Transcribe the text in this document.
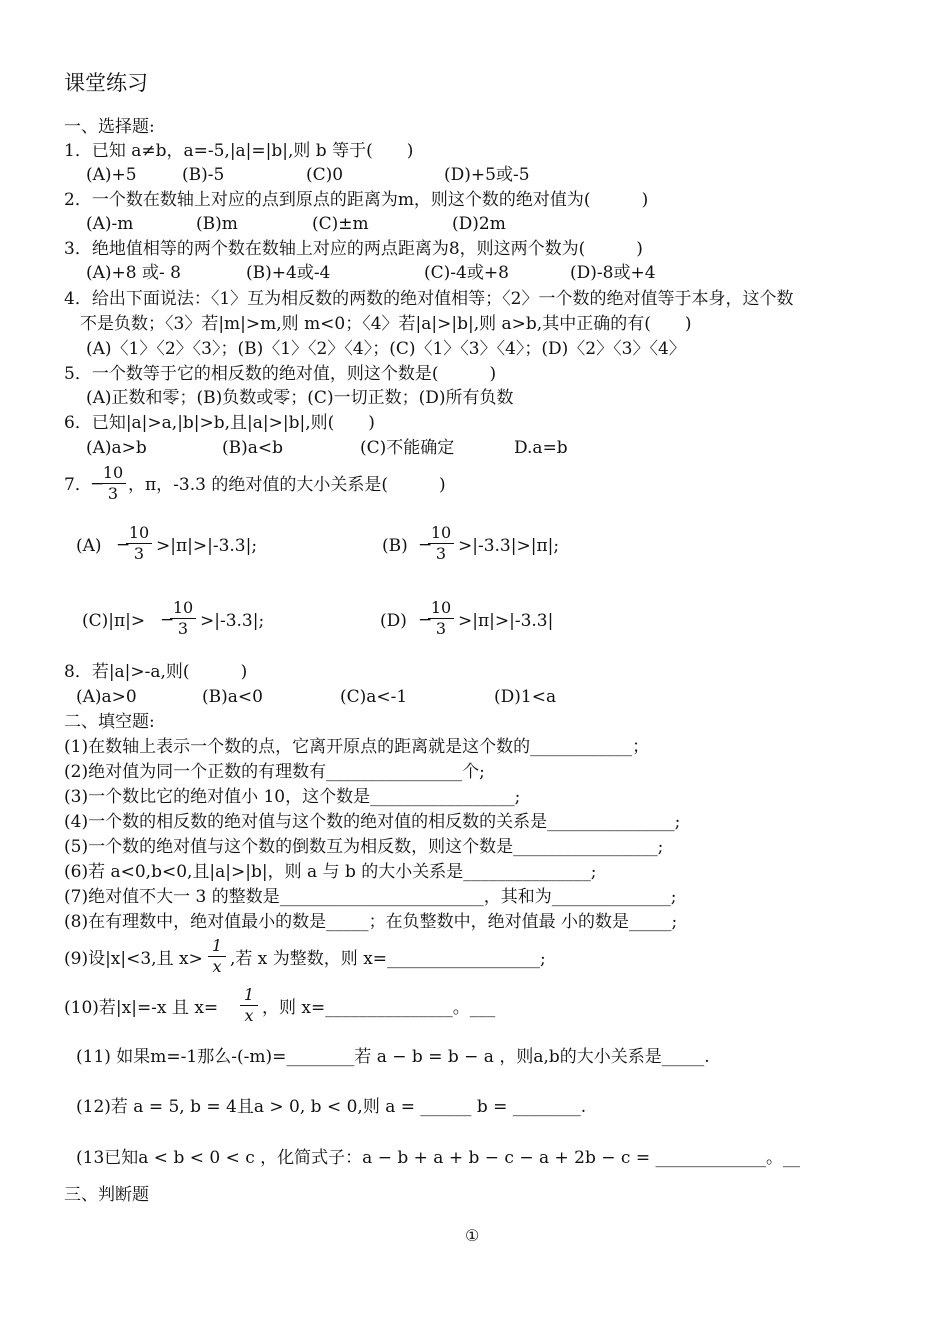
课堂练习
一、选择题:
1．已知 a≠b，a=-5,|a|=|b|,则 b 等于(　　)
(A)+5	(B)-5	(C)0	(D)+5或-5
2．一个数在数轴上对应的点到原点的距离为m，则这个数的绝对值为(　　　)
(A)-m	(B)m	(C)±m	(D)2m
3．绝地值相等的两个数在数轴上对应的两点距离为8，则这两个数为(　　　)
(A)+8 或- 8	(B)+4或-4	(C)-4或+8	(D)-8或+4
4．给出下面说法：〈1〉互为相反数的两数的绝对值相等；〈2〉一个数的绝对值等于本身，这个数
不是负数；〈3〉若|m|>m,则 m<0；〈4〉若|a|>|b|,则 a>b,其中正确的有(　　)
(A)〈1〉〈2〉〈3〉；(B)〈1〉〈2〉〈4〉；(C)〈1〉〈3〉〈4〉；(D)〈2〉〈3〉〈4〉
5．一个数等于它的相反数的绝对值，则这个数是(　　　)
(A)正数和零；(B)负数或零；(C)一切正数；(D)所有负数
6．已知|a|>a,|b|>b,且|a|>|b|,则(　　)
(A)a>b	(B)a<b	(C)不能确定	D.a=b
7．
−
$\frac{10}{3}$ ，π，-3.3 的绝对值的大小关系是(　　　)
(A) −
$\frac{10}{3} >|\pi|>|-3.3|$;	(B) −
$\frac{10}{3} >|-3.3|>|\pi|$;
(C)|π|> −
$\frac{10}{3} >|-3.3|$;	(D) −
$\frac{10}{3} >|\pi|>|-3.3|$
8．若|a|>-a,则(　　　)
(A)a>0	(B)a<0	(C)a<-1	(D)1<a
二、填空题:
(1)在数轴上表示一个数的点，它离开原点的距离就是这个数的____________；
(2)绝对值为同一个正数的有理数有________________个;
(3)一个数比它的绝对值小 10，这个数是_________________;
(4)一个数的相反数的绝对值与这个数的绝对值的相反数的关系是_______________;
(5)一个数的绝对值与这个数的倒数互为相反数，则这个数是_________________;
(6)若 a<0,b<0,且|a|>|b|，则 a 与 b 的大小关系是_______________;
(7)绝对值不大一 3 的整数是________________________，其和为______________;
(8)在有理数中，绝对值最小的数是_____；在负整数中，绝对值最 小的数是_____;
(9)设|x|<3,且 $x> \frac{1}{x}$ ,若 x 为整数，则 x=__________________;
(10)若|x|=-x 且 $x= \frac{1}{x}$ ，则 x=_______________。___
(11) 如果m=-1那么-(-m)=________若 a − b = b − a ，则a,b的大小关系是_____.
(12)若 a = 5, b = 4且a > 0, b < 0,则 a = ______ b = ________.
(13已知a < b < 0 < c ，化简式子：a − b + a + b − c − a + 2b − c = _____________。__
三、判断题
①
